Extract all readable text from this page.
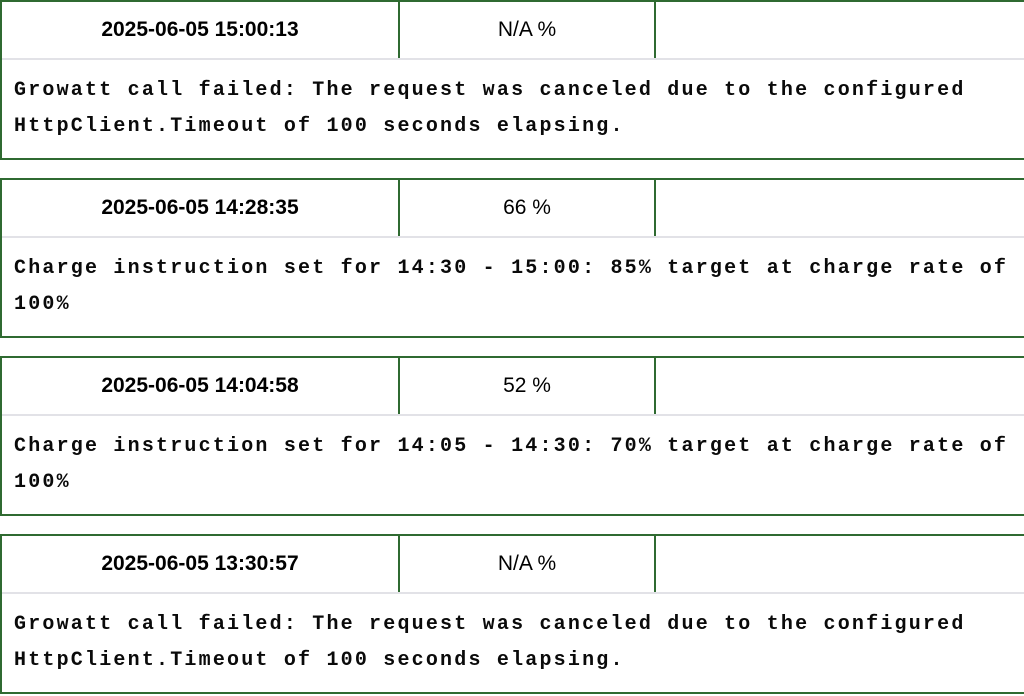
2025-06-05 15:00:13	N/A %
Growatt call failed: The request was canceled due to the configured HttpClient.Timeout of 100 seconds elapsing.
2025-06-05 14:28:35	66 %
Charge instruction set for 14:30 - 15:00: 85% target at charge rate of 100%
2025-06-05 14:04:58	52 %
Charge instruction set for 14:05 - 14:30: 70% target at charge rate of 100%
2025-06-05 13:30:57	N/A %
Growatt call failed: The request was canceled due to the configured HttpClient.Timeout of 100 seconds elapsing.
